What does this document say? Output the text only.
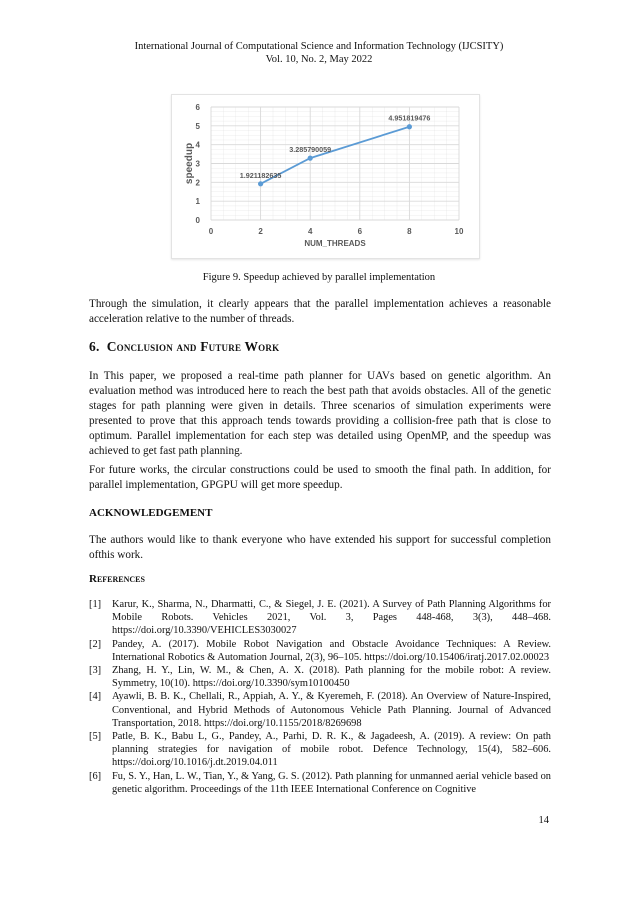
International Journal of Computational Science and Information Technology (IJCSITY)
Vol. 10, No. 2, May 2022
0	2	4	6	8	10
0
1
2
3
4
5
6
NUM_THREADS
speedup	1.921182635
3.285790059
4.951819476
Figure 9. Speedup achieved by parallel implementation

Through the simulation, it clearly appears that the parallel implementation achieves a reasonable acceleration relative to the number of threads.

6. Conclusion and Future Work

In This paper, we proposed a real-time path planner for UAVs based on genetic algorithm. An evaluation method was introduced here to reach the best path that avoids obstacles. All of the genetic stages for path planning were given in details. Three scenarios of simulation experiments were presented to prove that this approach tends towards providing a collision-free path that is close to optimum. Parallel implementation for each step was detailed using OpenMP, and the speedup was achieved to get fast path planning.

For future works, the circular constructions could be used to smooth the final path. In addition, for parallel implementation, GPGPU will get more speedup.

ACKNOWLEDGEMENT

The authors would like to thank everyone who have extended his support for successful completion ofthis work.

References
[1]	Karur, K., Sharma, N., Dharmatti, C., & Siegel, J. E. (2021). A Survey of Path Planning Algorithms for Mobile Robots. Vehicles 2021, Vol. 3, Pages 448-468, 3(3), 448–468. https://doi.org/10.3390/VEHICLES3030027
[2]	Pandey, A. (2017). Mobile Robot Navigation and Obstacle Avoidance Techniques: A Review. International Robotics & Automation Journal, 2(3), 96–105. https://doi.org/10.15406/iratj.2017.02.00023
[3]	Zhang, H. Y., Lin, W. M., & Chen, A. X. (2018). Path planning for the mobile robot: A review. Symmetry, 10(10). https://doi.org/10.3390/sym10100450
[4]	Ayawli, B. B. K., Chellali, R., Appiah, A. Y., & Kyeremeh, F. (2018). An Overview of Nature-Inspired, Conventional, and Hybrid Methods of Autonomous Vehicle Path Planning. Journal of Advanced Transportation, 2018. https://doi.org/10.1155/2018/8269698
[5]	Patle, B. K., Babu L, G., Pandey, A., Parhi, D. R. K., & Jagadeesh, A. (2019). A review: On path planning strategies for navigation of mobile robot. Defence Technology, 15(4), 582–606. https://doi.org/10.1016/j.dt.2019.04.011
[6]	Fu, S. Y., Han, L. W., Tian, Y., & Yang, G. S. (2012). Path planning for unmanned aerial vehicle based on genetic algorithm. Proceedings of the 11th IEEE International Conference on Cognitive
14
